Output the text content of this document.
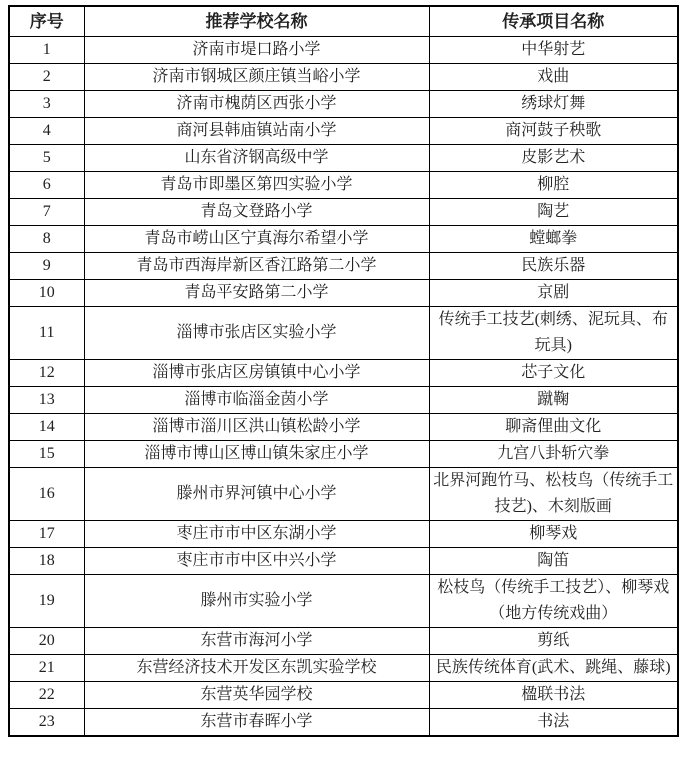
序号	推荐学校名称	传承项目名称
1	济南市堤口路小学	中华射艺
2	济南市钢城区颜庄镇当峪小学	戏曲
3	济南市槐荫区西张小学	绣球灯舞
4	商河县韩庙镇站南小学	商河鼓子秧歌
5	山东省济钢高级中学	皮影艺术
6	青岛市即墨区第四实验小学	柳腔
7	青岛文登路小学	陶艺
8	青岛市崂山区宁真海尔希望小学	螳螂拳
9	青岛市西海岸新区香江路第二小学	民族乐器
10	青岛平安路第二小学	京剧
11	淄博市张店区实验小学	传统手工技艺(刺绣、泥玩具、布玩具)
12	淄博市张店区房镇镇中心小学	芯子文化
13	淄博市临淄金茵小学	蹴鞠
14	淄博市淄川区洪山镇松龄小学	聊斋俚曲文化
15	淄博市博山区博山镇朱家庄小学	九宫八卦斩穴拳
16	滕州市界河镇中心小学	北界河跑竹马、松枝鸟（传统手工技艺)、木刻版画
17	枣庄市市中区东湖小学	柳琴戏
18	枣庄市市中区中兴小学	陶笛
19	滕州市实验小学	松枝鸟（传统手工技艺）、柳琴戏（地方传统戏曲）
20	东营市海河小学	剪纸
21	东营经济技术开发区东凯实验学校	民族传统体育(武术、跳绳、藤球)
22	东营英华园学校	楹联书法
23	东营市春晖小学	书法
